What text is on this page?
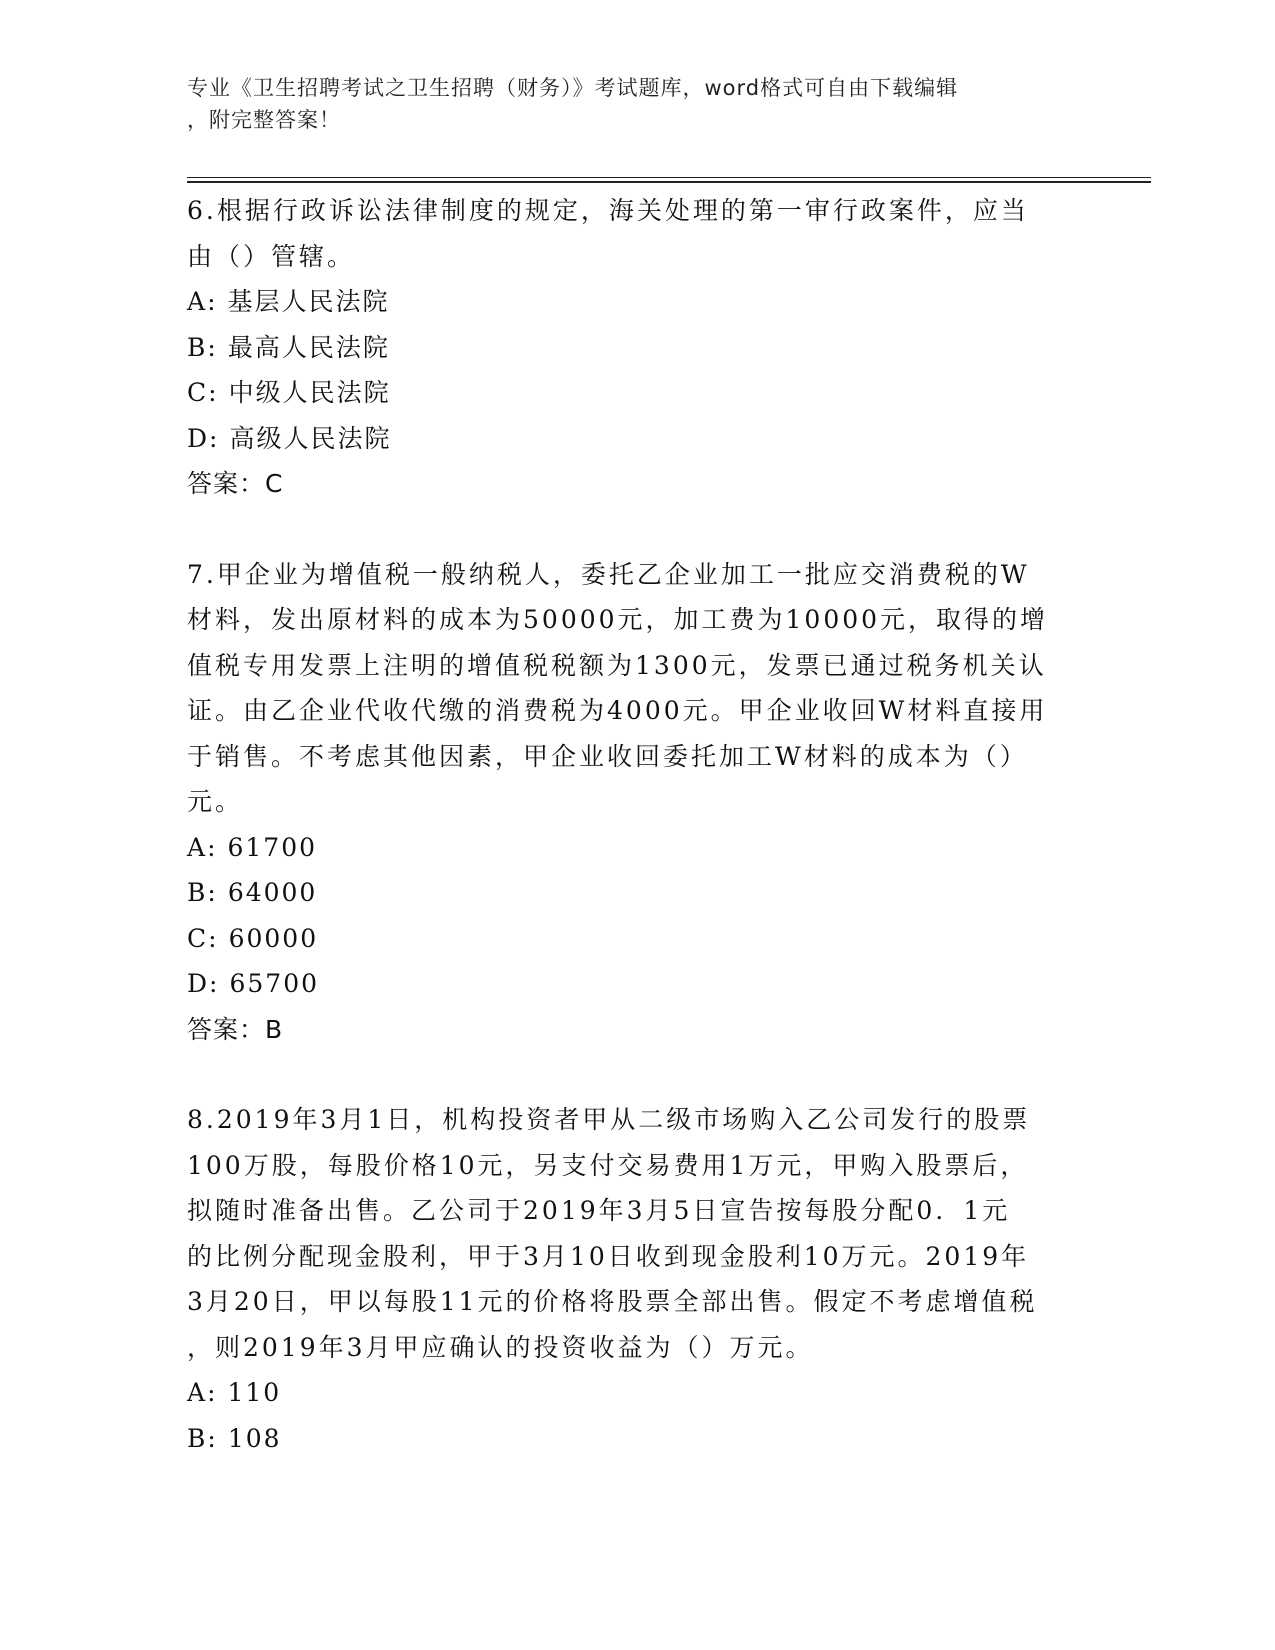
专业《卫生招聘考试之卫生招聘（财务）》考试题库，word格式可自由下载编辑
，附完整答案！
6.根据行政诉讼法律制度的规定，海关处理的第一审行政案件，应当
由（）管辖。
A: 基层人民法院
B: 最高人民法院
C: 中级人民法院
D: 高级人民法院
答案：C
7.甲企业为增值税一般纳税人，委托乙企业加工一批应交消费税的W
材料，发出原材料的成本为50000元，加工费为10000元，取得的增
值税专用发票上注明的增值税税额为1300元，发票已通过税务机关认
证。由乙企业代收代缴的消费税为4000元。甲企业收回W材料直接用
于销售。不考虑其他因素，甲企业收回委托加工W材料的成本为（）
元。
A: 61700
B: 64000
C: 60000
D: 65700
答案：B
8.2019年3月1日，机构投资者甲从二级市场购入乙公司发行的股票
100万股，每股价格10元，另支付交易费用1万元，甲购入股票后，
拟随时准备出售。乙公司于2019年3月5日宣告按每股分配0．1元
的比例分配现金股利，甲于3月10日收到现金股利10万元。2019年
3月20日，甲以每股11元的价格将股票全部出售。假定不考虑增值税
，则2019年3月甲应确认的投资收益为（）万元。
A: 110
B: 108
